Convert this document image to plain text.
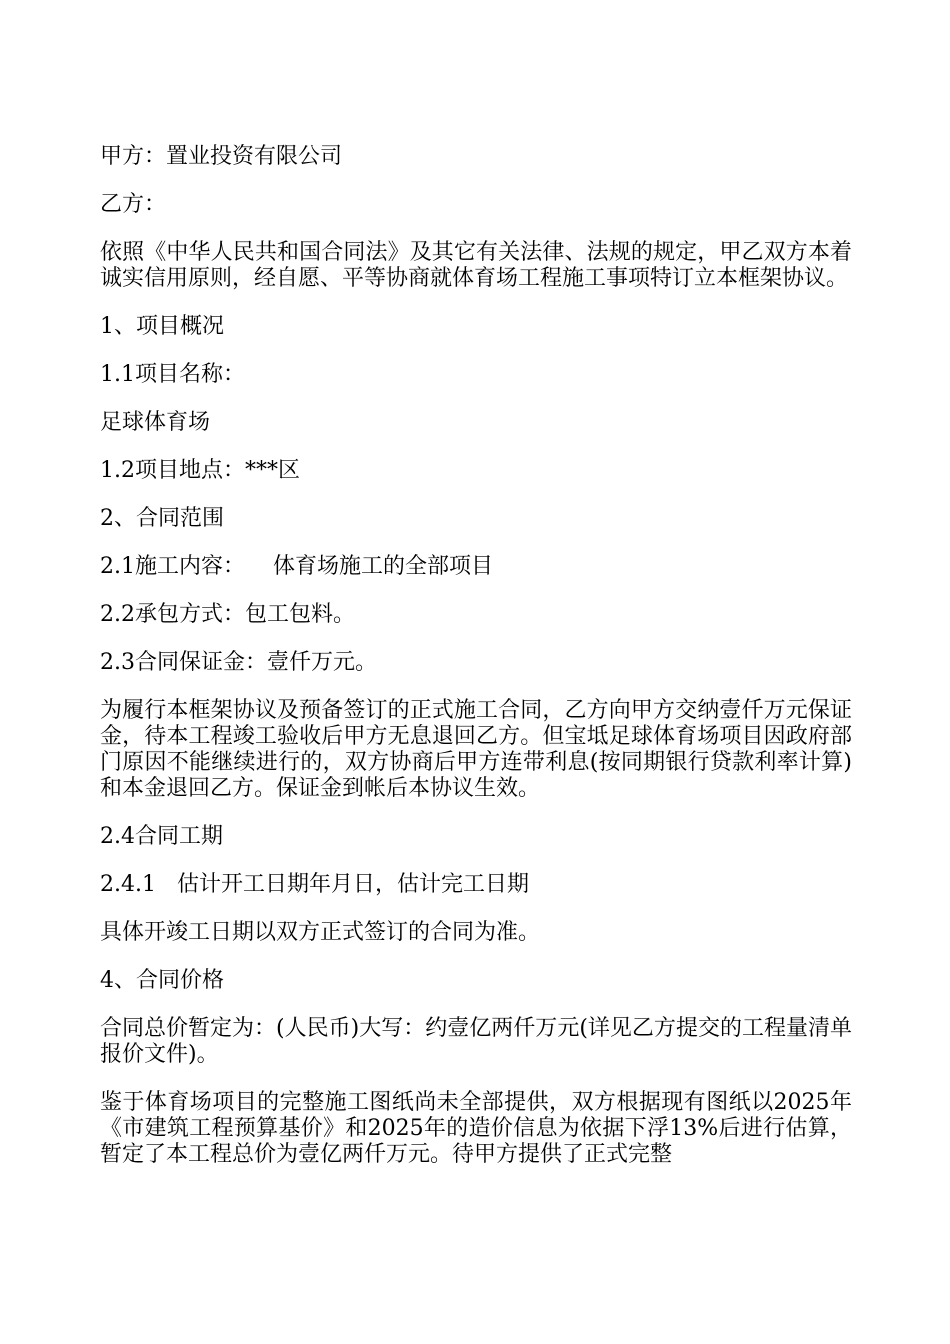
甲方：置业投资有限公司

乙方：

依照《中华人民共和国合同法》及其它有关法律、法规的规定，甲乙双方本着诚实信用原则，经自愿、平等协商就体育场工程施工事项特订立本框架协议。

1、项目概况

1.1项目名称：

足球体育场

1.2项目地点：***区

2、合同范围

2.1施工内容：    体育场施工的全部项目

2.2承包方式：包工包料。

2.3合同保证金：壹仟万元。

为履行本框架协议及预备签订的正式施工合同，乙方向甲方交纳壹仟万元保证金，待本工程竣工验收后甲方无息退回乙方。但宝坻足球体育场项目因政府部门原因不能继续进行的，双方协商后甲方连带利息(按同期银行贷款利率计算)和本金退回乙方。保证金到帐后本协议生效。

2.4合同工期

2.4.1   估计开工日期年月日，估计完工日期

具体开竣工日期以双方正式签订的合同为准。

4、合同价格

合同总价暂定为：(人民币)大写：约壹亿两仟万元(详见乙方提交的工程量清单报价文件)。

鉴于体育场项目的完整施工图纸尚未全部提供，双方根据现有图纸以2025年《市建筑工程预算基价》和2025年的造价信息为依据下浮13%后进行估算，暂定了本工程总价为壹亿两仟万元。待甲方提供了正式完整
